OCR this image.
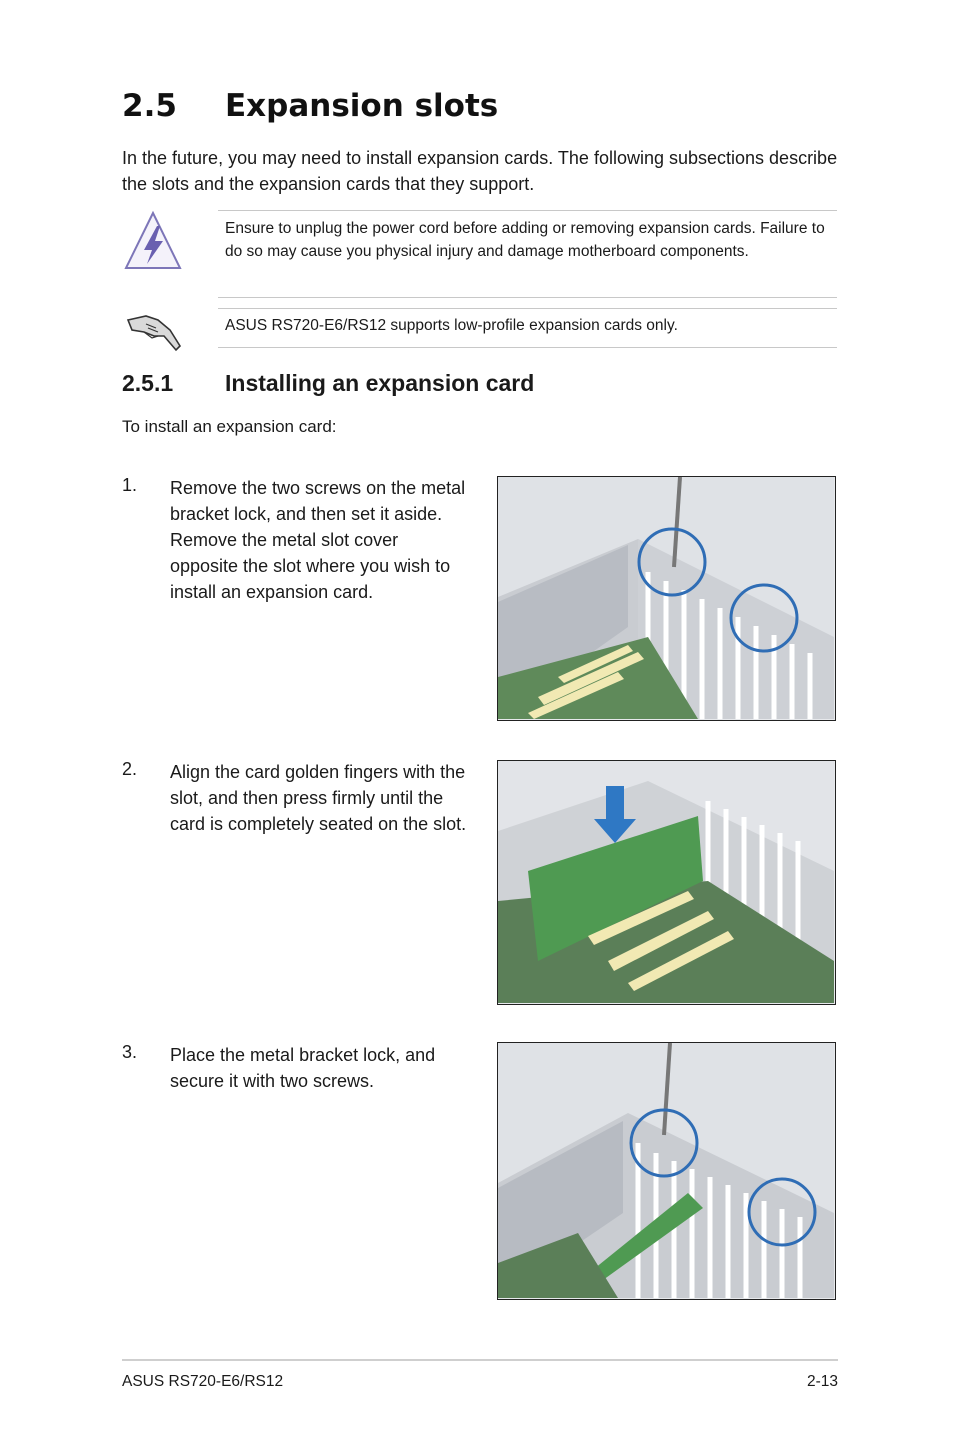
2.5 Expansion slots
In the future, you may need to install expansion cards. The following subsections describe the slots and the expansion cards that they support.
Ensure to unplug the power cord before adding or removing expansion cards. Failure to do so may cause you physical injury and damage motherboard components.
ASUS RS720-E6/RS12 supports low-profile expansion cards only.
2.5.1 Installing an expansion card
To install an expansion card:
1. Remove the two screws on the metal bracket lock, and then set it aside. Remove the metal slot cover opposite the slot where you wish to install an expansion card.
2. Align the card golden fingers with the slot, and then press firmly until the card is completely seated on the slot.
3. Place the metal bracket lock, and secure it with two screws.
ASUS RS720-E6/RS12	2-13
